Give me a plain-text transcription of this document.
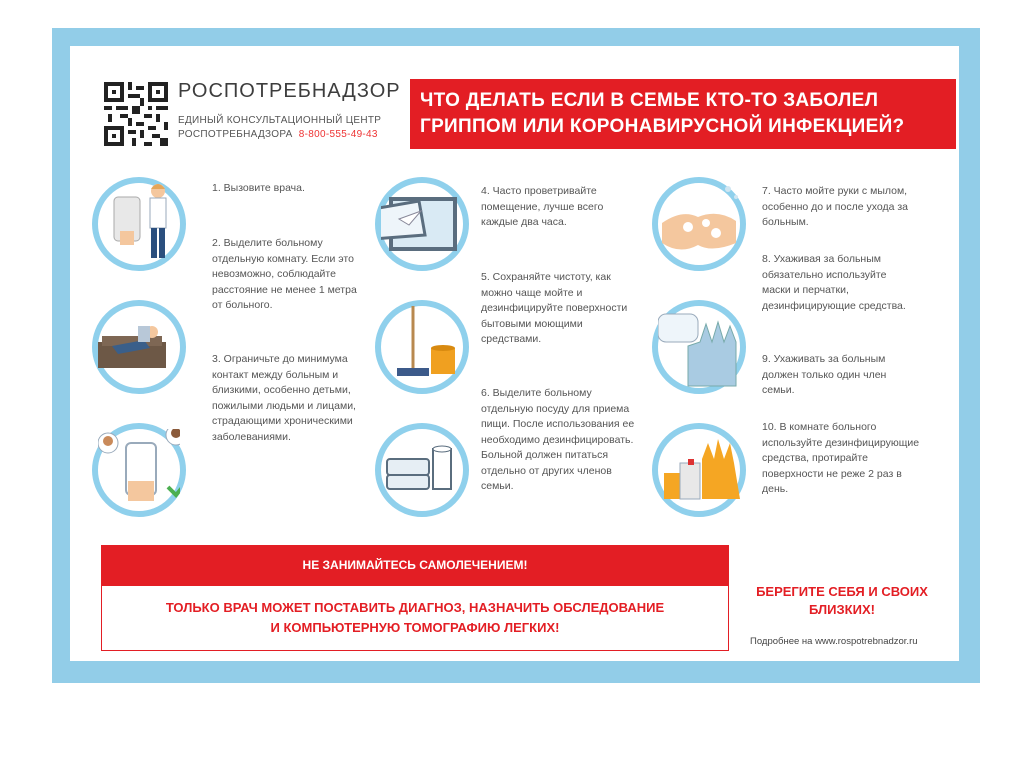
РОСПОТРЕБНАДЗОР
ЕДИНЫЙ КОНСУЛЬТАЦИОННЫЙ ЦЕНТР
РОСПОТРЕБНАДЗОРА 8-800-555-49-43
ЧТО ДЕЛАТЬ ЕСЛИ В СЕМЬЕ КТО-ТО ЗАБОЛЕЛ
ГРИППОМ ИЛИ КОРОНАВИРУСНОЙ ИНФЕКЦИЕЙ?
1. Вызовите врача.
2. Выделите больному отдельную комнату. Если это невозможно, соблюдайте расстояние не менее 1 метра от больного.
3. Ограничьте до минимума контакт между больным и близкими, особенно детьми, пожилыми людьми и лицами, страдающими хроническими заболеваниями.
4. Часто проветривайте помещение, лучше всего каждые два часа.
5. Сохраняйте чистоту, как можно чаще мойте и дезинфицируйте поверхности бытовыми моющими средствами.
6. Выделите больному отдельную посуду для приема пищи. После использования ее необходимо дезинфицировать. Больной должен питаться отдельно от других членов семьи.
7. Часто мойте руки с мылом, особенно до и после ухода за больным.
8. Ухаживая за больным обязательно используйте маски и перчатки, дезинфицирующие средства.
9. Ухаживать за больным должен только один член семьи.
10. В комнате больного используйте дезинфицирующие средства, протирайте поверхности не реже 2 раз в день.
НЕ ЗАНИМАЙТЕСЬ САМОЛЕЧЕНИЕМ!
ТОЛЬКО ВРАЧ МОЖЕТ ПОСТАВИТЬ ДИАГНОЗ, НАЗНАЧИТЬ ОБСЛЕДОВАНИЕ
И КОМПЬЮТЕРНУЮ ТОМОГРАФИЮ ЛЕГКИХ!
БЕРЕГИТЕ СЕБЯ И СВОИХ
БЛИЗКИХ!
Подробнее на www.rospotrebnadzor.ru
